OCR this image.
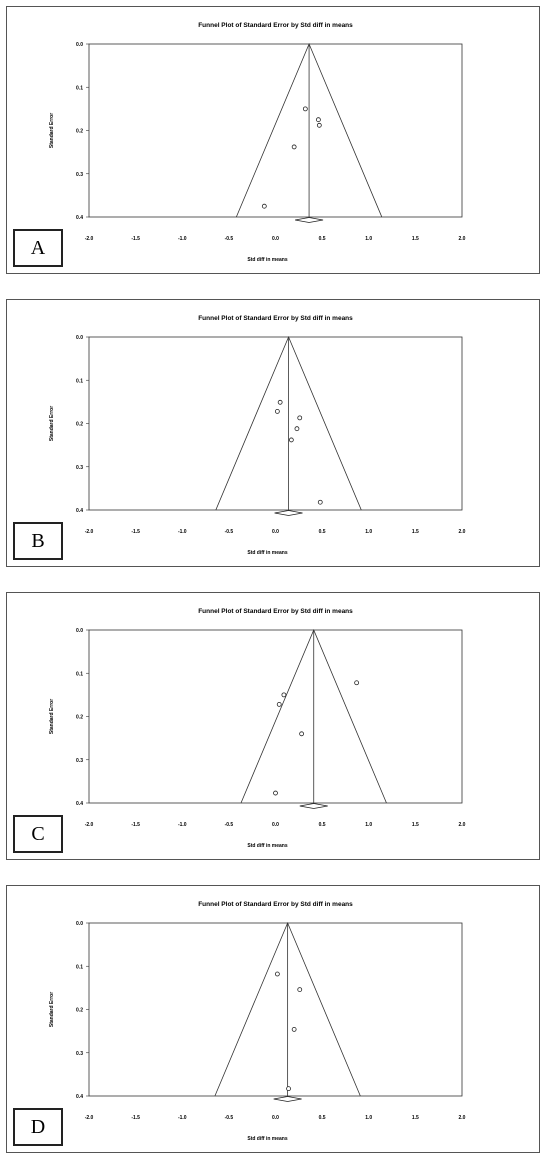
Funnel Plot of Standard Error by Std diff in means
0.0
0.1
0.2
0.3
0.4
-2.0	-1.5	-1.0	-0.5	0.0	0.5	1.0	1.5	2.0
Standard Error
Std diff in means
A
Funnel Plot of Standard Error by Std diff in means
0.0
0.1
0.2
0.3
0.4
-2.0	-1.5	-1.0	-0.5	0.0	0.5	1.0	1.5	2.0
Standard Error
Std diff in means
B
Funnel Plot of Standard Error by Std diff in means
0.0
0.1
0.2
0.3
0.4
-2.0	-1.5	-1.0	-0.5	0.0	0.5	1.0	1.5	2.0
Standard Error
Std diff in means
C
Funnel Plot of Standard Error by Std diff in means
0.0
0.1
0.2
0.3
0.4
-2.0	-1.5	-1.0	-0.5	0.0	0.5	1.0	1.5	2.0
Standard Error
Std diff in means
D
